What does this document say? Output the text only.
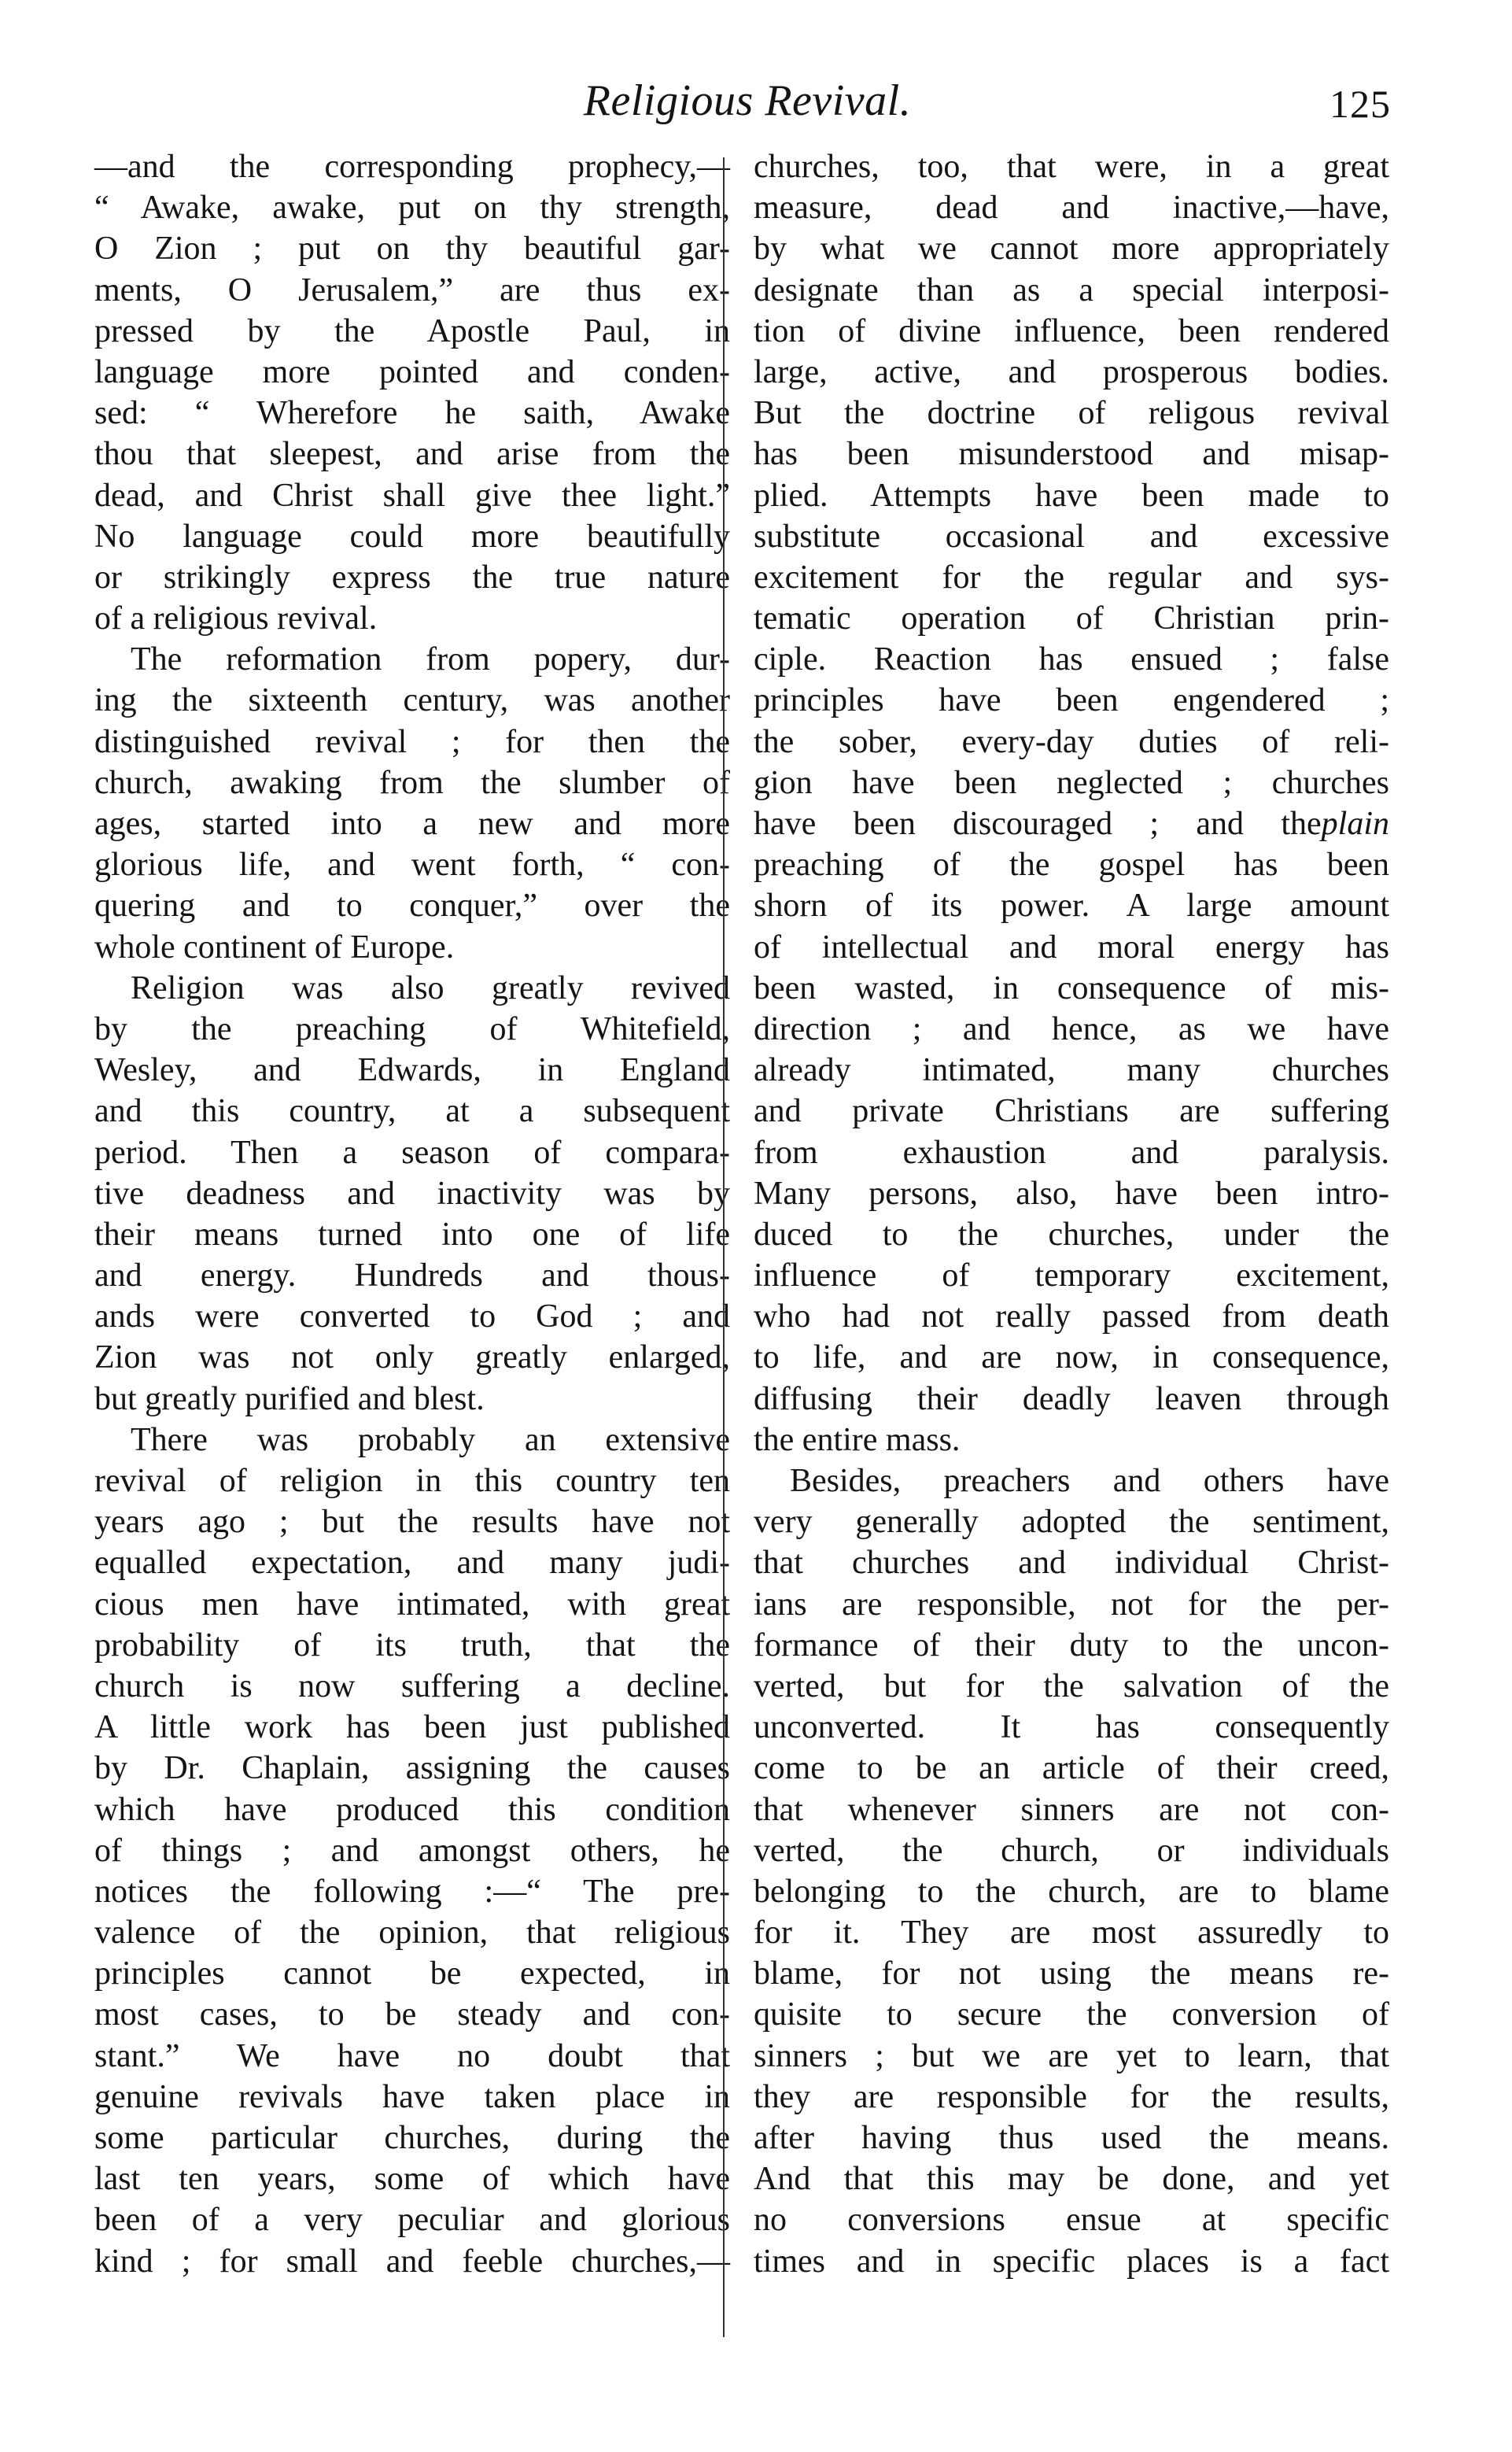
Religious Revival.	125
—and the corresponding prophecy,—
“ Awake, awake, put on thy strength,
O Zion ; put on thy beautiful gar-
ments, O Jerusalem,” are thus ex-
pressed by the Apostle Paul, in
language more pointed and conden-
sed: “ Wherefore he saith, Awake
thou that sleepest, and arise from the
dead, and Christ shall give thee light.”
No language could more beautifully
or strikingly express the true nature
of a religious revival.
The reformation from popery, dur-
ing the sixteenth century, was another
distinguished revival ; for then the
church, awaking from the slumber of
ages, started into a new and more
glorious life, and went forth, “ con-
quering and to conquer,” over the
whole continent of Europe.
Religion was also greatly revived
by the preaching of Whitefield,
Wesley, and Edwards, in England
and this country, at a subsequent
period. Then a season of compara-
tive deadness and inactivity was by
their means turned into one of life
and energy. Hundreds and thous-
ands were converted to God ; and
Zion was not only greatly enlarged,
but greatly purified and blest.
There was probably an extensive
revival of religion in this country ten
years ago ; but the results have not
equalled expectation, and many judi-
cious men have intimated, with great
probability of its truth, that the
church is now suffering a decline.
A little work has been just published
by Dr. Chaplain, assigning the causes
which have produced this condition
of things ; and amongst others, he
notices the following :—“ The pre-
valence of the opinion, that religious
principles cannot be expected, in
most cases, to be steady and con-
stant.” We have no doubt that
genuine revivals have taken place in
some particular churches, during the
last ten years, some of which have
been of a very peculiar and glorious
kind ; for small and feeble churches,—
churches, too, that were, in a great
measure, dead and inactive,—have,
by what we cannot more appropriately
designate than as a special interposi-
tion of divine influence, been rendered
large, active, and prosperous bodies.
But the doctrine of religous revival
has been misunderstood and misap-
plied. Attempts have been made to
substitute occasional and excessive
excitement for the regular and sys-
tematic operation of Christian prin-
ciple. Reaction has ensued ; false
principles have been engendered ;
the sober, every-day duties of reli-
gion have been neglected ; churches
have been discouraged ; and theplain
preaching of the gospel has been
shorn of its power. A large amount
of intellectual and moral energy has
been wasted, in consequence of mis-
direction ; and hence, as we have
already intimated, many churches
and private Christians are suffering
from exhaustion and paralysis.
Many persons, also, have been intro-
duced to the churches, under the
influence of temporary excitement,
who had not really passed from death
to life, and are now, in consequence,
diffusing their deadly leaven through
the entire mass.
Besides, preachers and others have
very generally adopted the sentiment,
that churches and individual Christ-
ians are responsible, not for the per-
formance of their duty to the uncon-
verted, but for the salvation of the
unconverted. It has consequently
come to be an article of their creed,
that whenever sinners are not con-
verted, the church, or individuals
belonging to the church, are to blame
for it. They are most assuredly to
blame, for not using the means re-
quisite to secure the conversion of
sinners ; but we are yet to learn, that
they are responsible for the results,
after having thus used the means.
And that this may be done, and yet
no conversions ensue at specific
times and in specific places is a fact
